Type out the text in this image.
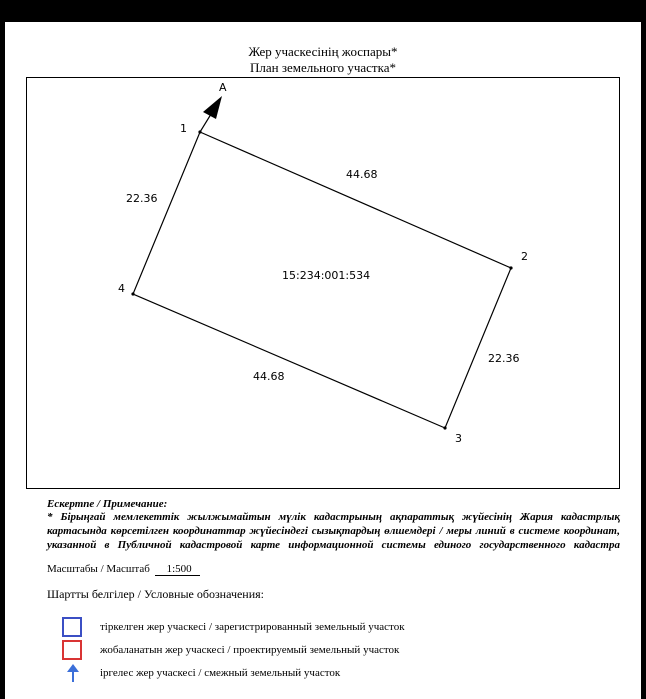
Жер учаскесінің жоспары*
План земельного участка*
A
1
2
3
4
44.68
22.36
44.68
22.36
15:234:001:534
Ескертпе / Примечание:
* Бірыңғай мемлекеттік жылжымайтын мүлік кадастрының ақпараттық жүйесінің Жария кадастрлық
картасында көрсетілген координаттар жүйесіндегі сызықтардың өлшемдері / меры линий в системе координат,
указанной в Публичной кадастровой карте информационной системы единого государственного кадастра
Масштабы / Масштаб 1:500
Шартты белгілер / Условные обозначения:
тіркелген жер учаскесі / зарегистрированный земельный участок
жобаланатын жер учаскесі / проектируемый земельный участок
іргелес жер учаскесі / смежный земельный участок
